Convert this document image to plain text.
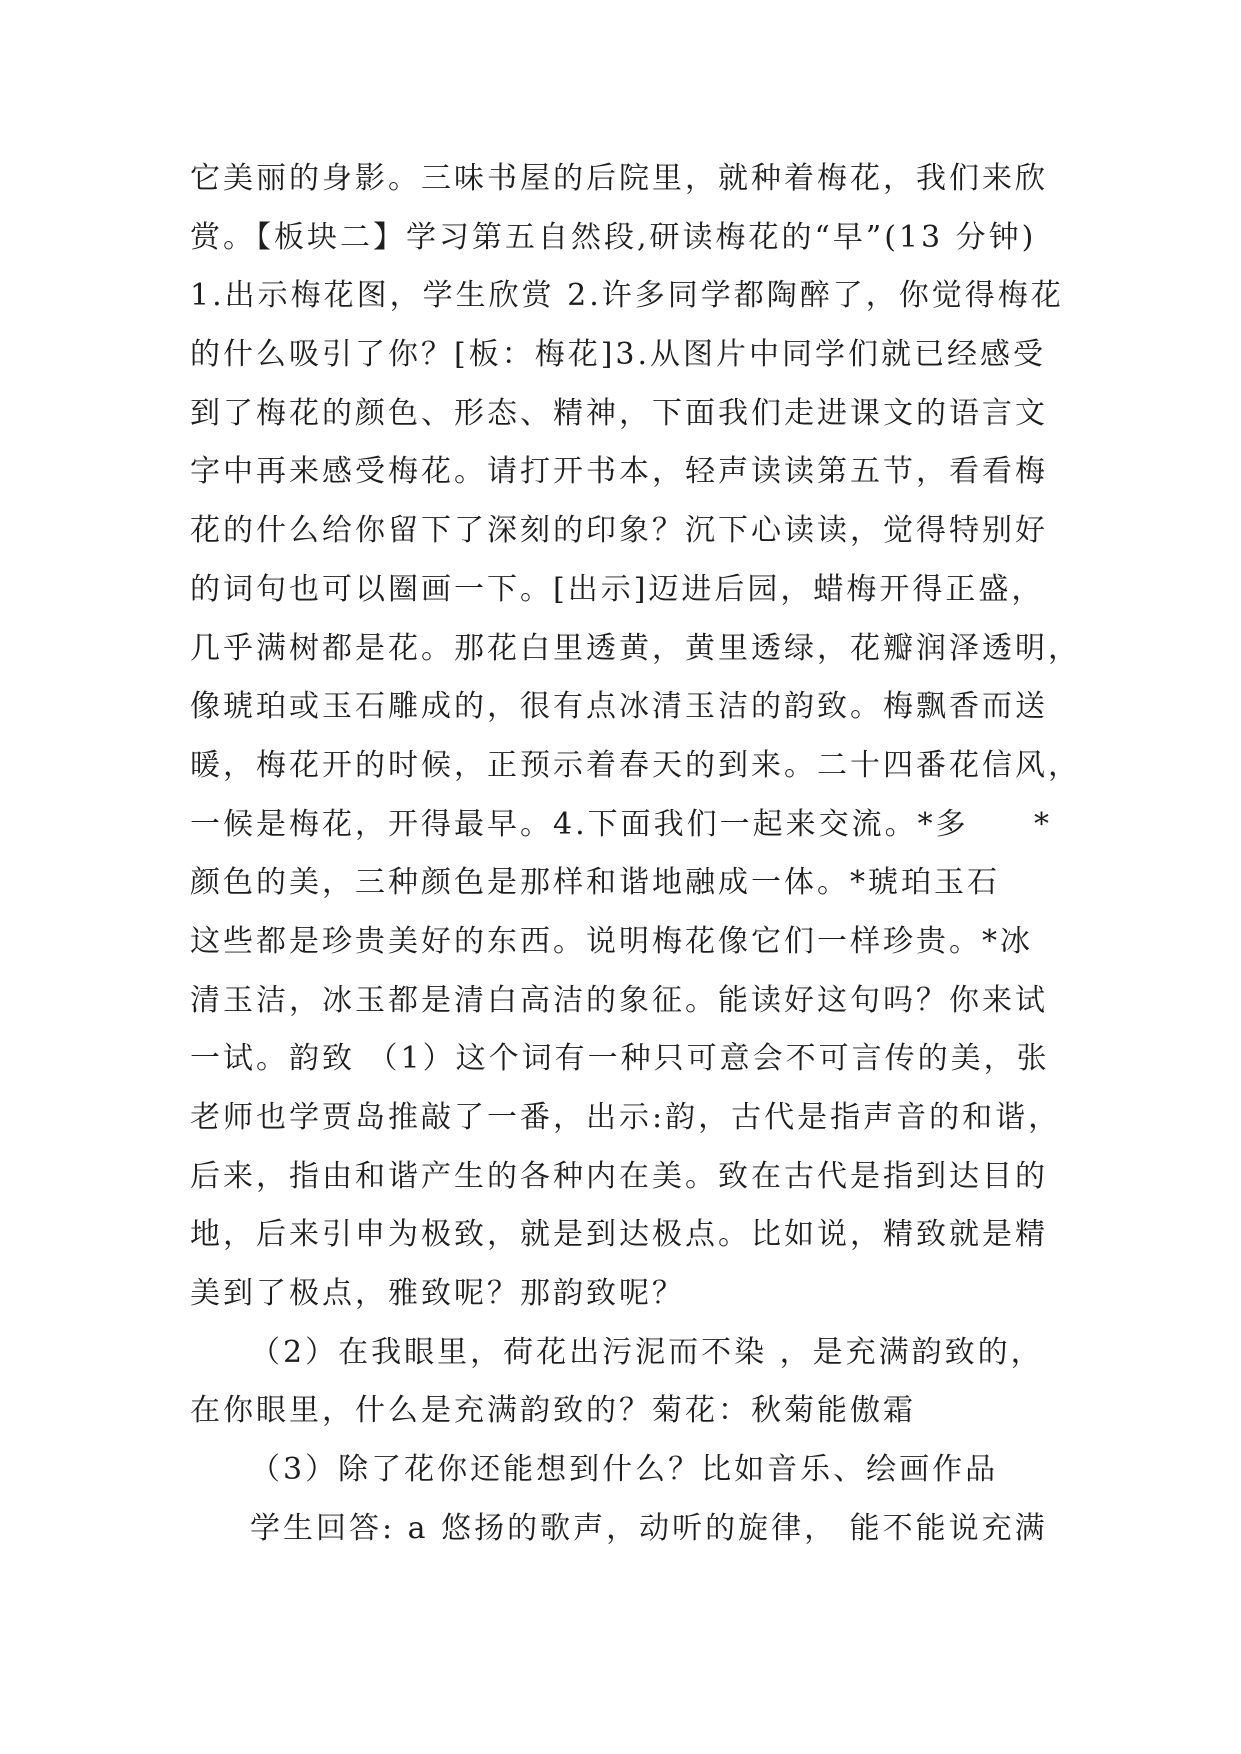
它美丽的身影。三味书屋的后院里，就种着梅花，我们来欣
赏。【板块二】学习第五自然段,研读梅花的“早”(13 分钟)
1.出示梅花图，学生欣赏 2.许多同学都陶醉了，你觉得梅花
的什么吸引了你？[板：梅花]3.从图片中同学们就已经感受
到了梅花的颜色、形态、精神，下面我们走进课文的语言文
字中再来感受梅花。请打开书本，轻声读读第五节，看看梅
花的什么给你留下了深刻的印象？沉下心读读，觉得特别好
的词句也可以圈画一下。[出示]迈进后园，蜡梅开得正盛，
几乎满树都是花。那花白里透黄，黄里透绿，花瓣润泽透明，
像琥珀或玉石雕成的，很有点冰清玉洁的韵致。梅飘香而送
暖，梅花开的时候，正预示着春天的到来。二十四番花信风，
一候是梅花，开得最早。4.下面我们一起来交流。*多 *
颜色的美，三种颜色是那样和谐地融成一体。*琥珀玉石
这些都是珍贵美好的东西。说明梅花像它们一样珍贵。*冰
清玉洁，冰玉都是清白高洁的象征。能读好这句吗？你来试
一试。韵致 （1）这个词有一种只可意会不可言传的美，张
老师也学贾岛推敲了一番，出示:韵，古代是指声音的和谐，
后来，指由和谐产生的各种内在美。致在古代是指到达目的
地，后来引申为极致，就是到达极点。比如说，精致就是精
美到了极点，雅致呢？那韵致呢？
（2）在我眼里，荷花出污泥而不染 ，是充满韵致的，
在你眼里，什么是充满韵致的？菊花：秋菊能傲霜
（3）除了花你还能想到什么？比如音乐、绘画作品
学生回答: a 悠扬的歌声，动听的旋律， 能不能说充满
